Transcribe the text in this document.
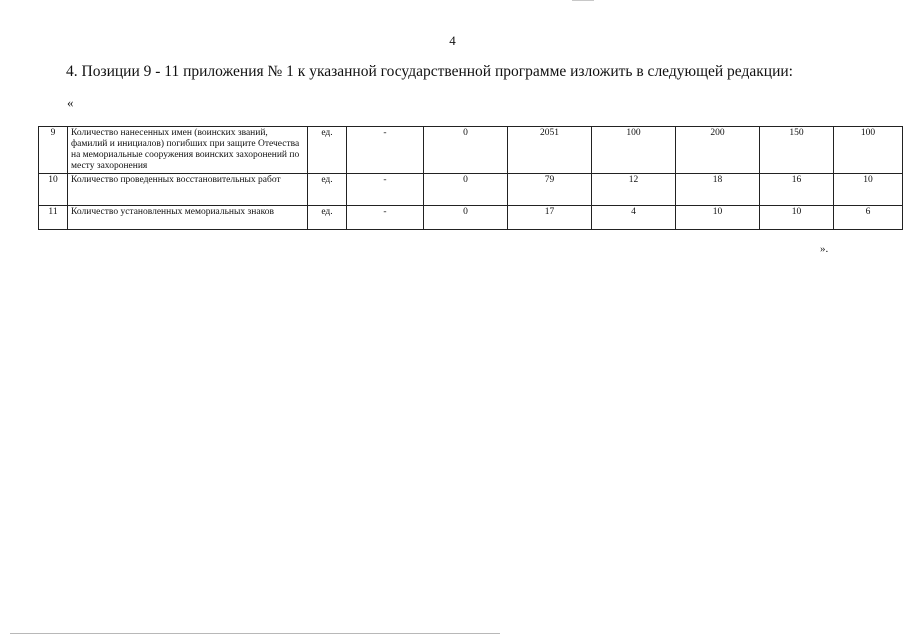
4
4. Позиции 9 - 11 приложения № 1 к указанной государственной программе изложить в следующей редакции:
«
9	Количество нанесенных имен (воинских званий, фамилий и инициалов) погибших при защите Отечества на мемориальные сооружения воинских захоронений по месту захоронения	ед.	-	0	2051	100	200	150	100
10	Количество проведенных восстановительных работ	ед.	-	0	79	12	18	16	10
11	Количество установленных мемориальных знаков	ед.	-	0	17	4	10	10	6
».
